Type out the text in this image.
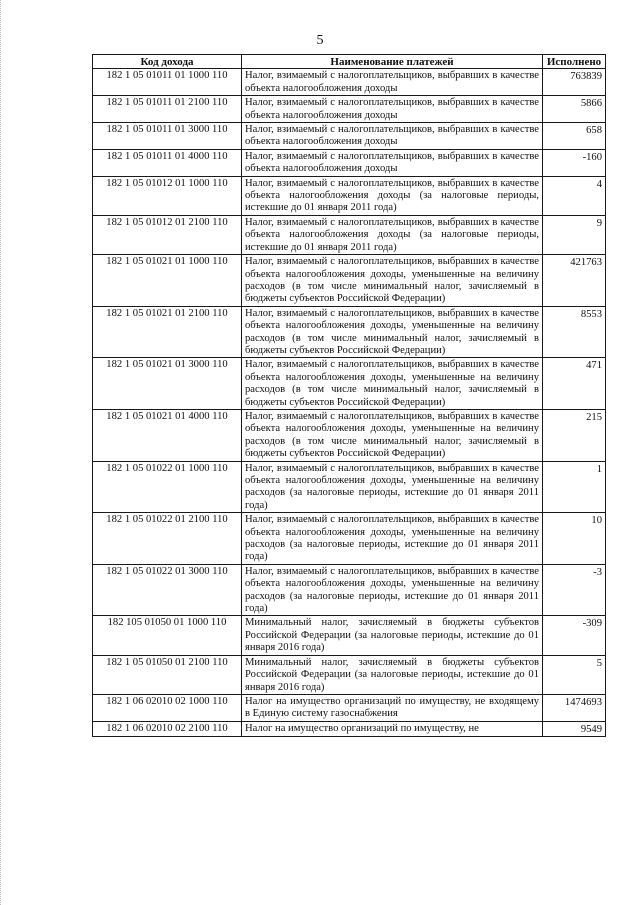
5
Код дохода	Наименование платежей	Исполнено
182 1 05 01011 01 1000 110	Налог, взимаемый с налогоплательщиков, выбравших в качестве объекта налогообложения доходы	763839
182 1 05 01011 01 2100 110	Налог, взимаемый с налогоплательщиков, выбравших в качестве объекта налогообложения доходы	5866
182 1 05 01011 01 3000 110	Налог, взимаемый с налогоплательщиков, выбравших в качестве объекта налогообложения доходы	658
182 1 05 01011 01 4000 110	Налог, взимаемый с налогоплательщиков, выбравших в качестве объекта налогообложения доходы	-160
182 1 05 01012 01 1000 110	Налог, взимаемый с налогоплательщиков, выбравших в качестве объекта налогообложения доходы (за налоговые периоды, истекшие до 01 января 2011 года)	4
182 1 05 01012 01 2100 110	Налог, взимаемый с налогоплательщиков, выбравших в качестве объекта налогообложения доходы (за налоговые периоды, истекшие до 01 января 2011 года)	9
182 1 05 01021 01 1000 110	Налог, взимаемый с налогоплательщиков, выбравших в качестве объекта налогообложения доходы, уменьшенные на величину расходов (в том числе минимальный налог, зачисляемый в бюджеты субъектов Российской Федерации)	421763
182 1 05 01021 01 2100 110	Налог, взимаемый с налогоплательщиков, выбравших в качестве объекта налогообложения доходы, уменьшенные на величину расходов (в том числе минимальный налог, зачисляемый в бюджеты субъектов Российской Федерации)	8553
182 1 05 01021 01 3000 110	Налог, взимаемый с налогоплательщиков, выбравших в качестве объекта налогообложения доходы, уменьшенные на величину расходов (в том числе минимальный налог, зачисляемый в бюджеты субъектов Российской Федерации)	471
182 1 05 01021 01 4000 110	Налог, взимаемый с налогоплательщиков, выбравших в качестве объекта налогообложения доходы, уменьшенные на величину расходов (в том числе минимальный налог, зачисляемый в бюджеты субъектов Российской Федерации)	215
182 1 05 01022 01 1000 110	Налог, взимаемый с налогоплательщиков, выбравших в качестве объекта налогообложения доходы, уменьшенные на величину расходов (за налоговые периоды, истекшие до 01 января 2011 года)	1
182 1 05 01022 01 2100 110	Налог, взимаемый с налогоплательщиков, выбравших в качестве объекта налогообложения доходы, уменьшенные на величину расходов (за налоговые периоды, истекшие до 01 января 2011 года)	10
182 1 05 01022 01 3000 110	Налог, взимаемый с налогоплательщиков, выбравших в качестве объекта налогообложения доходы, уменьшенные на величину расходов (за налоговые периоды, истекшие до 01 января 2011 года)	-3
182 105 01050 01 1000 110	Минимальный налог, зачисляемый в бюджеты субъектов Российской Федерации (за налоговые периоды, истекшие до 01 января 2016 года)	-309
182 1 05 01050 01 2100 110	Минимальный налог, зачисляемый в бюджеты субъектов Российской Федерации (за налоговые периоды, истекшие до 01 января 2016 года)	5
182 1 06 02010 02 1000 110	Налог на имущество организаций по имуществу, не входящему в Единую систему газоснабжения	1474693
182 1 06 02010 02 2100 110	Налог на имущество организаций по имуществу, не	9549
